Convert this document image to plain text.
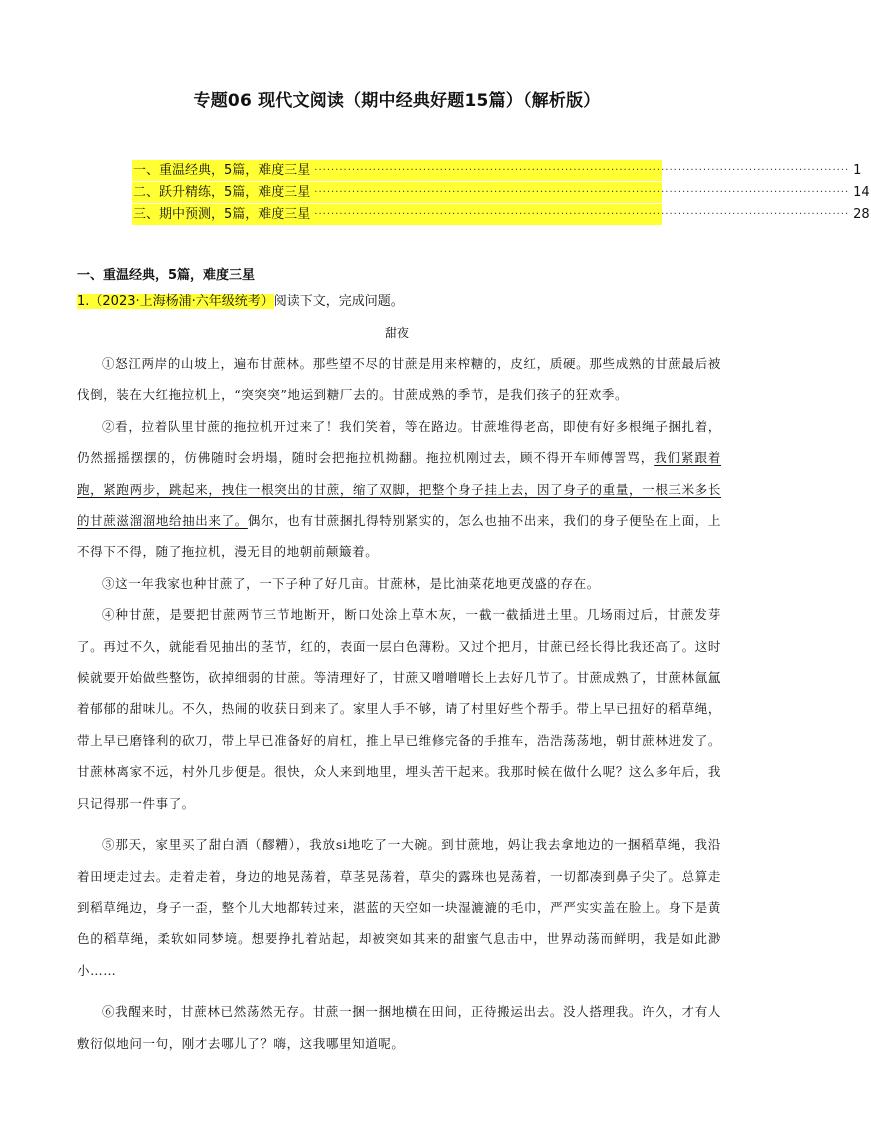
专题06 现代文阅读（期中经典好题15篇）（解析版）
一、重温经典，5篇，难度三星 ································································································································ 1
二、跃升精练，5篇，难度三星 ································································································································ 14
三、期中预测，5篇，难度三星 ································································································································ 28
一、重温经典，5篇，难度三星
1.（2023·上海杨浦·六年级统考）阅读下文，完成问题。
甜夜

①怒江两岸的山坡上，遍布甘蔗林。那些望不尽的甘蔗是用来榨糖的，皮红，质硬。那些成熟的甘蔗最后被伐倒，装在大红拖拉机上，“突突突”地运到糖厂去的。甘蔗成熟的季节，是我们孩子的狂欢季。

②看，拉着队里甘蔗的拖拉机开过来了！我们笑着，等在路边。甘蔗堆得老高，即使有好多根绳子捆扎着，仍然摇摇摆摆的，仿佛随时会坍塌，随时会把拖拉机拗翻。拖拉机刚过去，顾不得开车师傅詈骂，我们紧跟着跑，紧跑两步，跳起来，拽住一根突出的甘蔗，缩了双脚，把整个身子挂上去，因了身子的重量，一根三米多长的甘蔗滋溜溜地给抽出来了。偶尔，也有甘蔗捆扎得特别紧实的，怎么也抽不出来，我们的身子便坠在上面，上不得下不得，随了拖拉机，漫无目的地朝前颠簸着。

③这一年我家也种甘蔗了，一下子种了好几亩。甘蔗林，是比油菜花地更茂盛的存在。

④种甘蔗，是要把甘蔗两节三节地断开，断口处涂上草木灰，一截一截插进土里。几场雨过后，甘蔗发芽了。再过不久，就能看见抽出的茎节，红的，表面一层白色薄粉。又过个把月，甘蔗已经长得比我还高了。这时候就要开始做些整饬，砍掉细弱的甘蔗。等清理好了，甘蔗又噌噌噌长上去好几节了。甘蔗成熟了，甘蔗林氤氲着郁郁的甜味儿。不久，热闹的收获日到来了。家里人手不够，请了村里好些个帮手。带上早已扭好的稻草绳，带上早已磨锋利的砍刀，带上早已准备好的肩杠，推上早已维修完备的手推车，浩浩荡荡地，朝甘蔗林进发了。甘蔗林离家不远，村外几步便是。很快，众人来到地里，埋头苦干起来。我那时候在做什么呢？这么多年后，我只记得那一件事了。

⑤那天，家里买了甜白酒（醪糟），我放si地吃了一大碗。到甘蔗地，妈让我去拿地边的一捆稻草绳，我沿着田埂走过去。走着走着，身边的地晃荡着，草茎晃荡着，草尖的露珠也晃荡着，一切都凑到鼻子尖了。总算走到稻草绳边，身子一歪，整个儿大地都转过来，湛蓝的天空如一块湿漉漉的毛巾，严严实实盖在脸上。身下是黄色的稻草绳，柔软如同梦境。想要挣扎着站起，却被突如其来的甜蜜气息击中，世界动荡而鲜明，我是如此渺小……

⑥我醒来时，甘蔗林已然荡然无存。甘蔗一捆一捆地横在田间，正待搬运出去。没人搭理我。许久，才有人敷衍似地问一句，刚才去哪儿了？嗨，这我哪里知道呢。
